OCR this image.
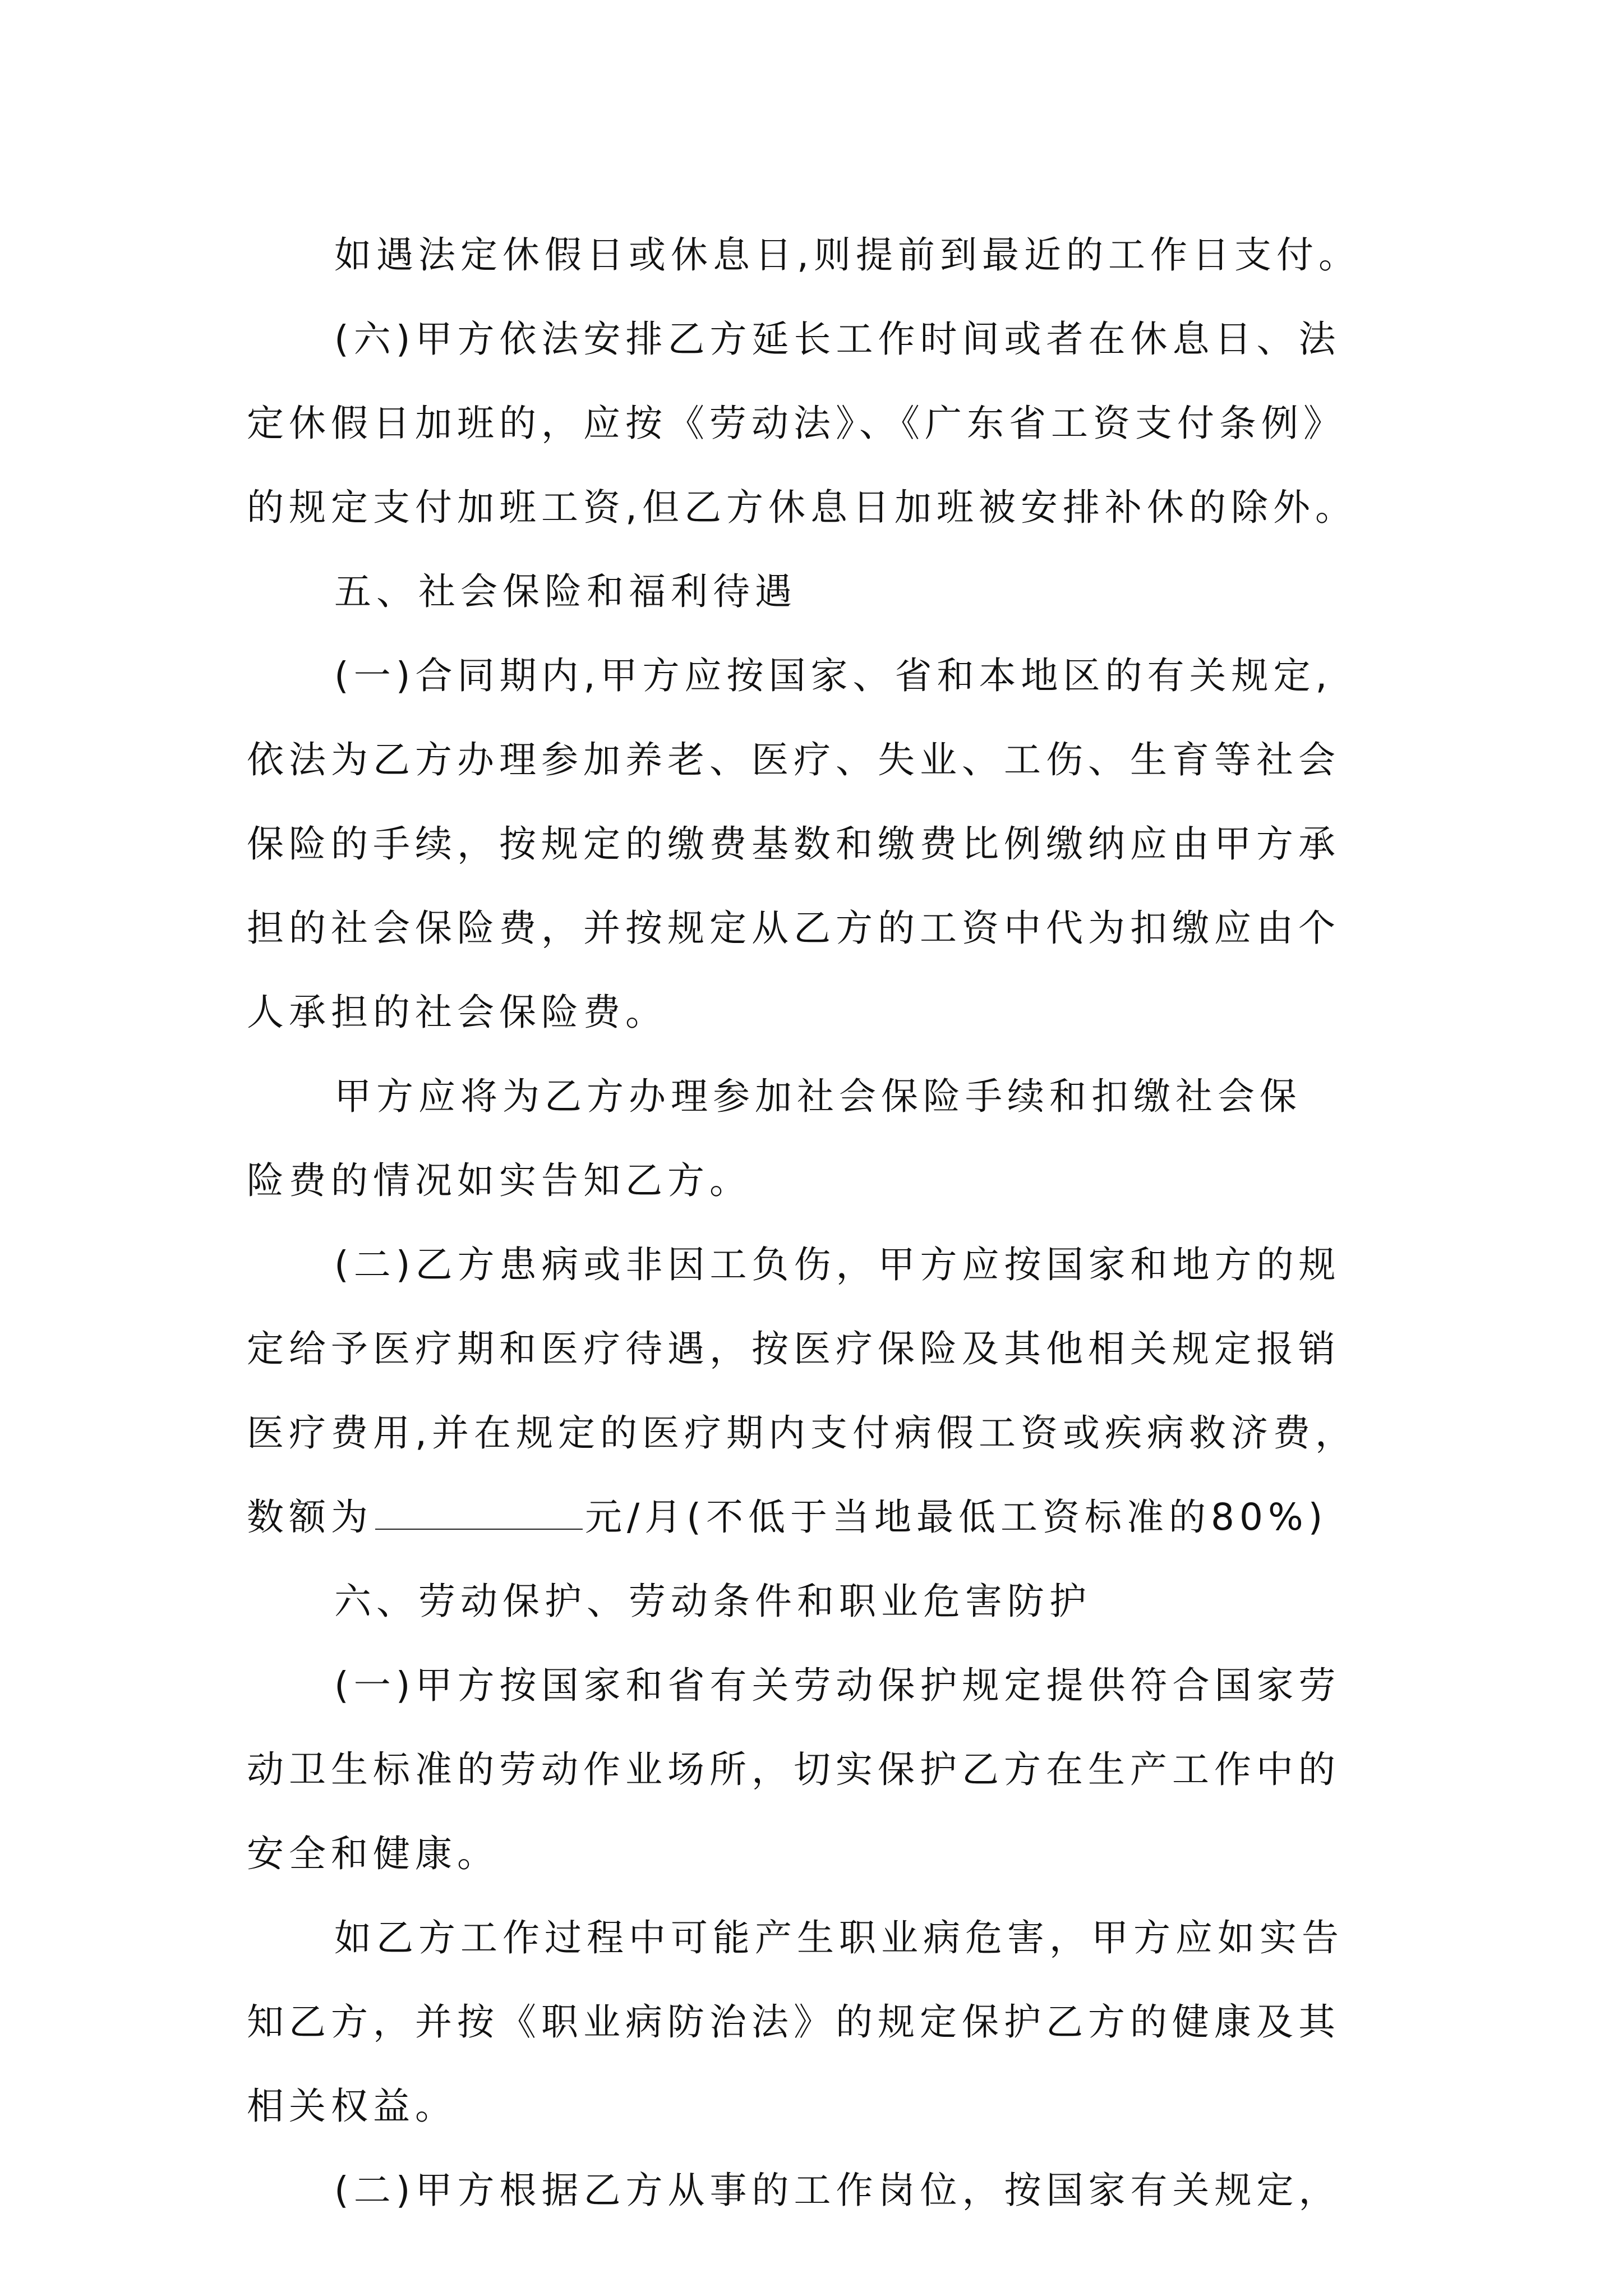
如遇法定休假日或休息日,则提前到最近的工作日支付。
(六)甲方依法安排乙方延长工作时间或者在休息日、法
定休假日加班的，应按《劳动法》、《广东省工资支付条例》
的规定支付加班工资,但乙方休息日加班被安排补休的除外。
五、社会保险和福利待遇
(一)合同期内,甲方应按国家、省和本地区的有关规定,
依法为乙方办理参加养老、医疗、失业、工伤、生育等社会
保险的手续，按规定的缴费基数和缴费比例缴纳应由甲方承
担的社会保险费，并按规定从乙方的工资中代为扣缴应由个
人承担的社会保险费。
甲方应将为乙方办理参加社会保险手续和扣缴社会保
险费的情况如实告知乙方。
(二)乙方患病或非因工负伤，甲方应按国家和地方的规
定给予医疗期和医疗待遇，按医疗保险及其他相关规定报销
医疗费用,并在规定的医疗期内支付病假工资或疾病救济费，
数额为	元/月(不低于当地最低工资标准的80%)
六、劳动保护、劳动条件和职业危害防护
(一)甲方按国家和省有关劳动保护规定提供符合国家劳
动卫生标准的劳动作业场所，切实保护乙方在生产工作中的
安全和健康。
如乙方工作过程中可能产生职业病危害，甲方应如实告
知乙方，并按《职业病防治法》的规定保护乙方的健康及其
相关权益。
(二)甲方根据乙方从事的工作岗位，按国家有关规定，
